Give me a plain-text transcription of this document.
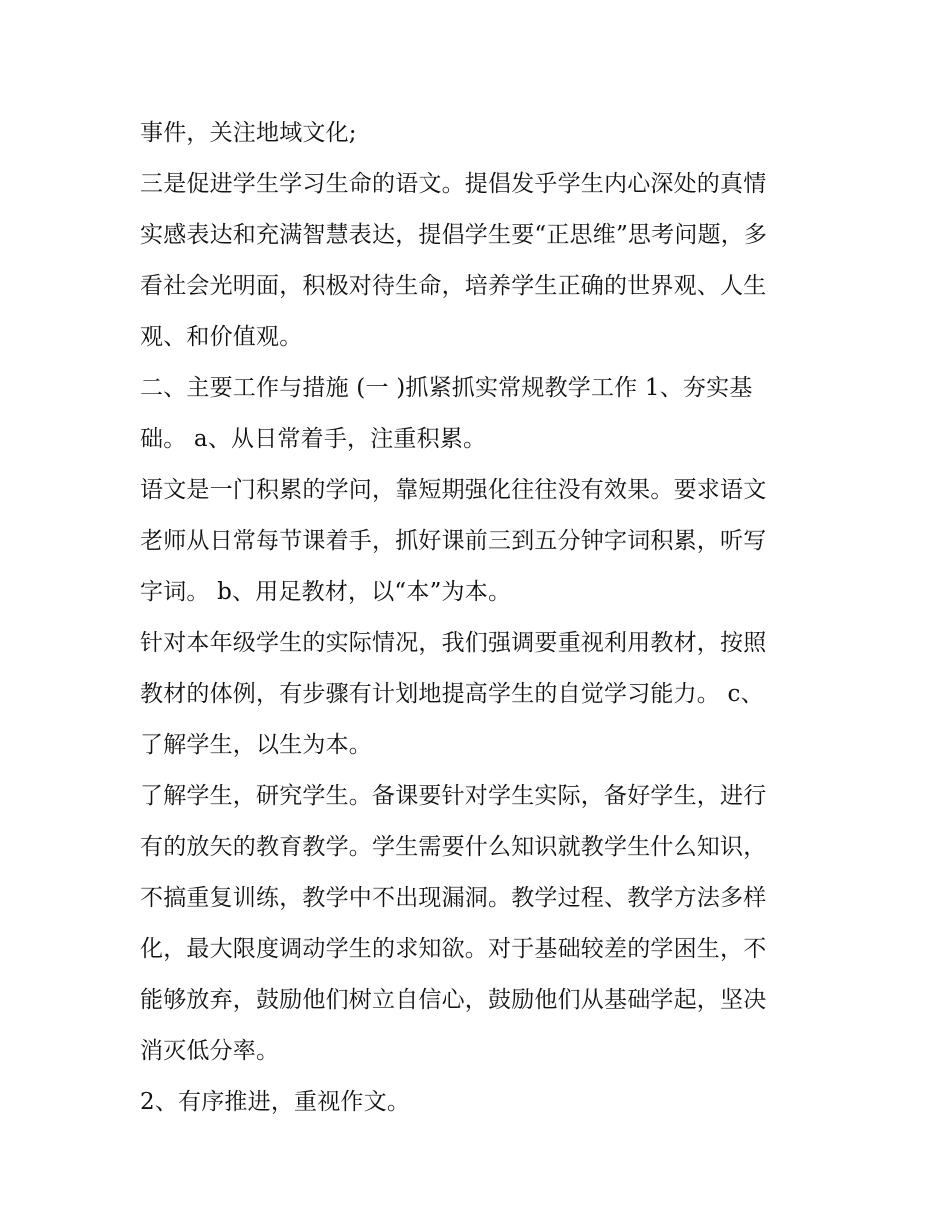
事件，关注地域文化;
三是促进学生学习生命的语文。提倡发乎学生内心深处的真情
实感表达和充满智慧表达，提倡学生要“正思维”思考问题，多
看社会光明面，积极对待生命，培养学生正确的世界观、人生
观、和价值观。
二、主要工作与措施 (一 )抓紧抓实常规教学工作 1、夯实基
础。 a、从日常着手，注重积累。
语文是一门积累的学问，靠短期强化往往没有效果。要求语文
老师从日常每节课着手，抓好课前三到五分钟字词积累，听写
字词。 b、用足教材，以“本”为本。
针对本年级学生的实际情况，我们强调要重视利用教材，按照
教材的体例，有步骤有计划地提高学生的自觉学习能力。 c、
了解学生，以生为本。
了解学生，研究学生。备课要针对学生实际，备好学生，进行
有的放矢的教育教学。学生需要什么知识就教学生什么知识，
不搞重复训练，教学中不出现漏洞。教学过程、教学方法多样
化，最大限度调动学生的求知欲。对于基础较差的学困生，不
能够放弃，鼓励他们树立自信心，鼓励他们从基础学起，坚决
消灭低分率。
2、有序推进，重视作文。
